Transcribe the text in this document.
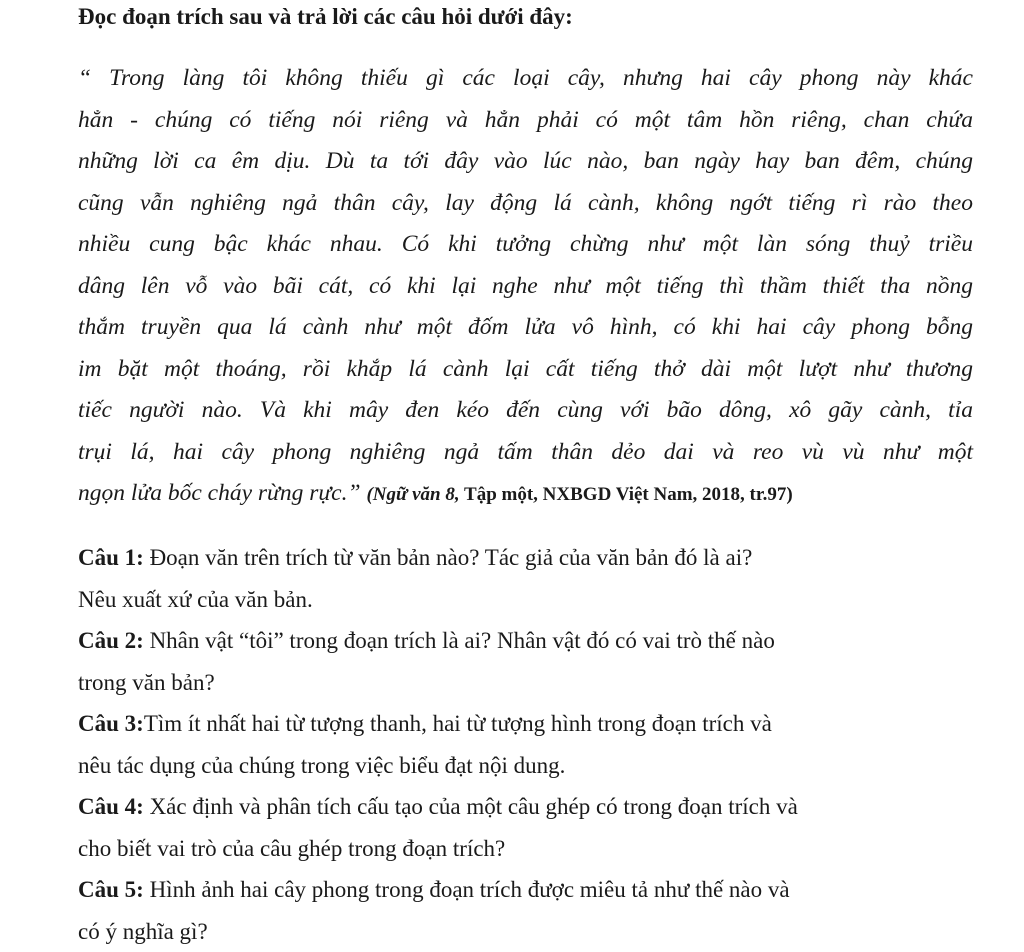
Đọc đoạn trích sau và trả lời các câu hỏi dưới đây:
“ Trong làng tôi không thiếu gì các loại cây, nhưng hai cây phong này khác
hẳn - chúng có tiếng nói riêng và hẳn phải có một tâm hồn riêng, chan chứa
những lời ca êm dịu. Dù ta tới đây vào lúc nào, ban ngày hay ban đêm, chúng
cũng vẫn nghiêng ngả thân cây, lay động lá cành, không ngớt tiếng rì rào theo
nhiều cung bậc khác nhau. Có khi tưởng chừng như một làn sóng thuỷ triều
dâng lên vỗ vào bãi cát, có khi lại nghe như một tiếng thì thầm thiết tha nồng
thắm truyền qua lá cành như một đốm lửa vô hình, có khi hai cây phong bỗng
im bặt một thoáng, rồi khắp lá cành lại cất tiếng thở dài một lượt như thương
tiếc người nào. Và khi mây đen kéo đến cùng với bão dông, xô gãy cành, tỉa
trụi lá, hai cây phong nghiêng ngả tấm thân dẻo dai và reo vù vù như một
ngọn lửa bốc cháy rừng rực.” (Ngữ văn 8, Tập một, NXBGD Việt Nam, 2018, tr.97)
Câu 1: Đoạn văn trên trích từ văn bản nào? Tác giả của văn bản đó là ai?
Nêu xuất xứ của văn bản.
Câu 2: Nhân vật “tôi” trong đoạn trích là ai? Nhân vật đó có vai trò thế nào
trong văn bản?
Câu 3:Tìm ít nhất hai từ tượng thanh, hai từ tượng hình trong đoạn trích và
nêu tác dụng của chúng trong việc biểu đạt nội dung.
Câu 4: Xác định và phân tích cấu tạo của một câu ghép có trong đoạn trích và
cho biết vai trò của câu ghép trong đoạn trích?
Câu 5: Hình ảnh hai cây phong trong đoạn trích được miêu tả như thế nào và
có ý nghĩa gì?
